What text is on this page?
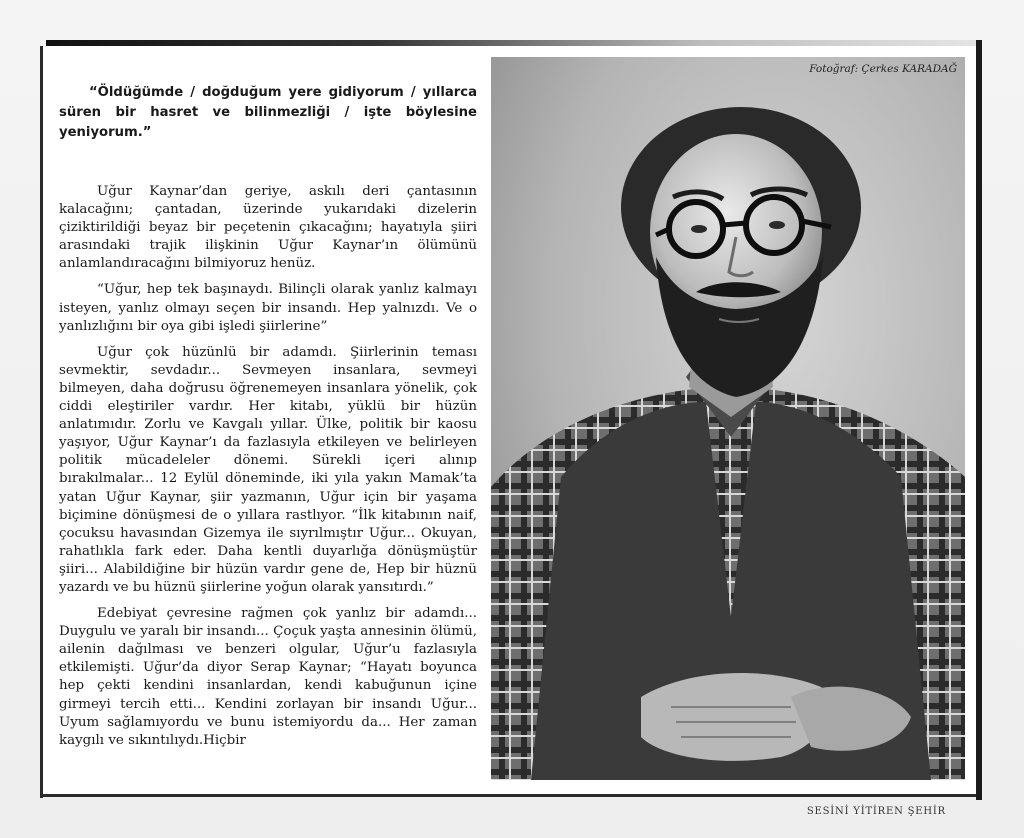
“Öldüğümde / doğduğum yere gidiyorum / yıllarca süren bir hasret ve bilinmezliği / işte böylesine yeniyorum.”

Uğur Kaynar’dan geriye, askılı deri çantasının kalacağını; çantadan, üzerinde yukarıdaki dizelerin çiziktirildiği beyaz bir peçetenin çıkacağını; hayatıyla şiiri arasındaki trajik ilişkinin Uğur Kaynar’ın ölümünü anlamlandıracağını bilmiyoruz henüz.

“Uğur, hep tek başınaydı. Bilinçli olarak yanlız kalmayı isteyen, yanlız olmayı seçen bir insandı. Hep yalnızdı. Ve o yanlızlığını bir oya gibi işledi şiirlerine”

Uğur çok hüzünlü bir adamdı. Şiirlerinin teması sevmektir, sevdadır... Sevmeyen insanlara, sevmeyi bilmeyen, daha doğrusu öğrenemeyen insanlara yönelik, çok ciddi eleştiriler vardır. Her kitabı, yüklü bir hüzün anlatımıdır. Zorlu ve Kavgalı yıllar. Ülke, politik bir kaosu yaşıyor, Uğur Kaynar’ı da fazlasıyla etkileyen ve belirleyen politik mücadeleler dönemi. Sürekli içeri alınıp bırakılmalar... 12 Eylül döneminde, iki yıla yakın Mamak’ta yatan Uğur Kaynar, şiir yazmanın, Uğur için bir yaşama biçimine dönüşmesi de o yıllara rastlıyor. “İlk kitabının naif, çocuksu havasından Gizemya ile sıyrılmıştır Uğur... Okuyan, rahatlıkla fark eder. Daha kentli duyarlığa dönüşmüştür şiiri... Alabildiğine bir hüzün vardır gene de, Hep bir hüznü yazardı ve bu hüznü şiirlerine yoğun olarak yansıtırdı.”

Edebiyat çevresine rağmen çok yanlız bir adamdı... Duygulu ve yaralı bir insandı... Çoçuk yaşta annesinin ölümü, ailenin dağılması ve benzeri olgular, Uğur’u fazlasıyla etkilemişti. Uğur’da diyor Serap Kaynar; “Hayatı boyunca hep çekti kendini insanlardan, kendi kabuğunun içine girmeyi tercih etti... Kendini zorlayan bir insandı Uğur... Uyum sağlamıyordu ve bunu istemiyordu da... Her zaman kaygılı ve sıkıntılıydı.Hiçbir

Fotoğraf: Çerkes KARADAĞ
SESİNİ YİTİREN ŞEHİR
